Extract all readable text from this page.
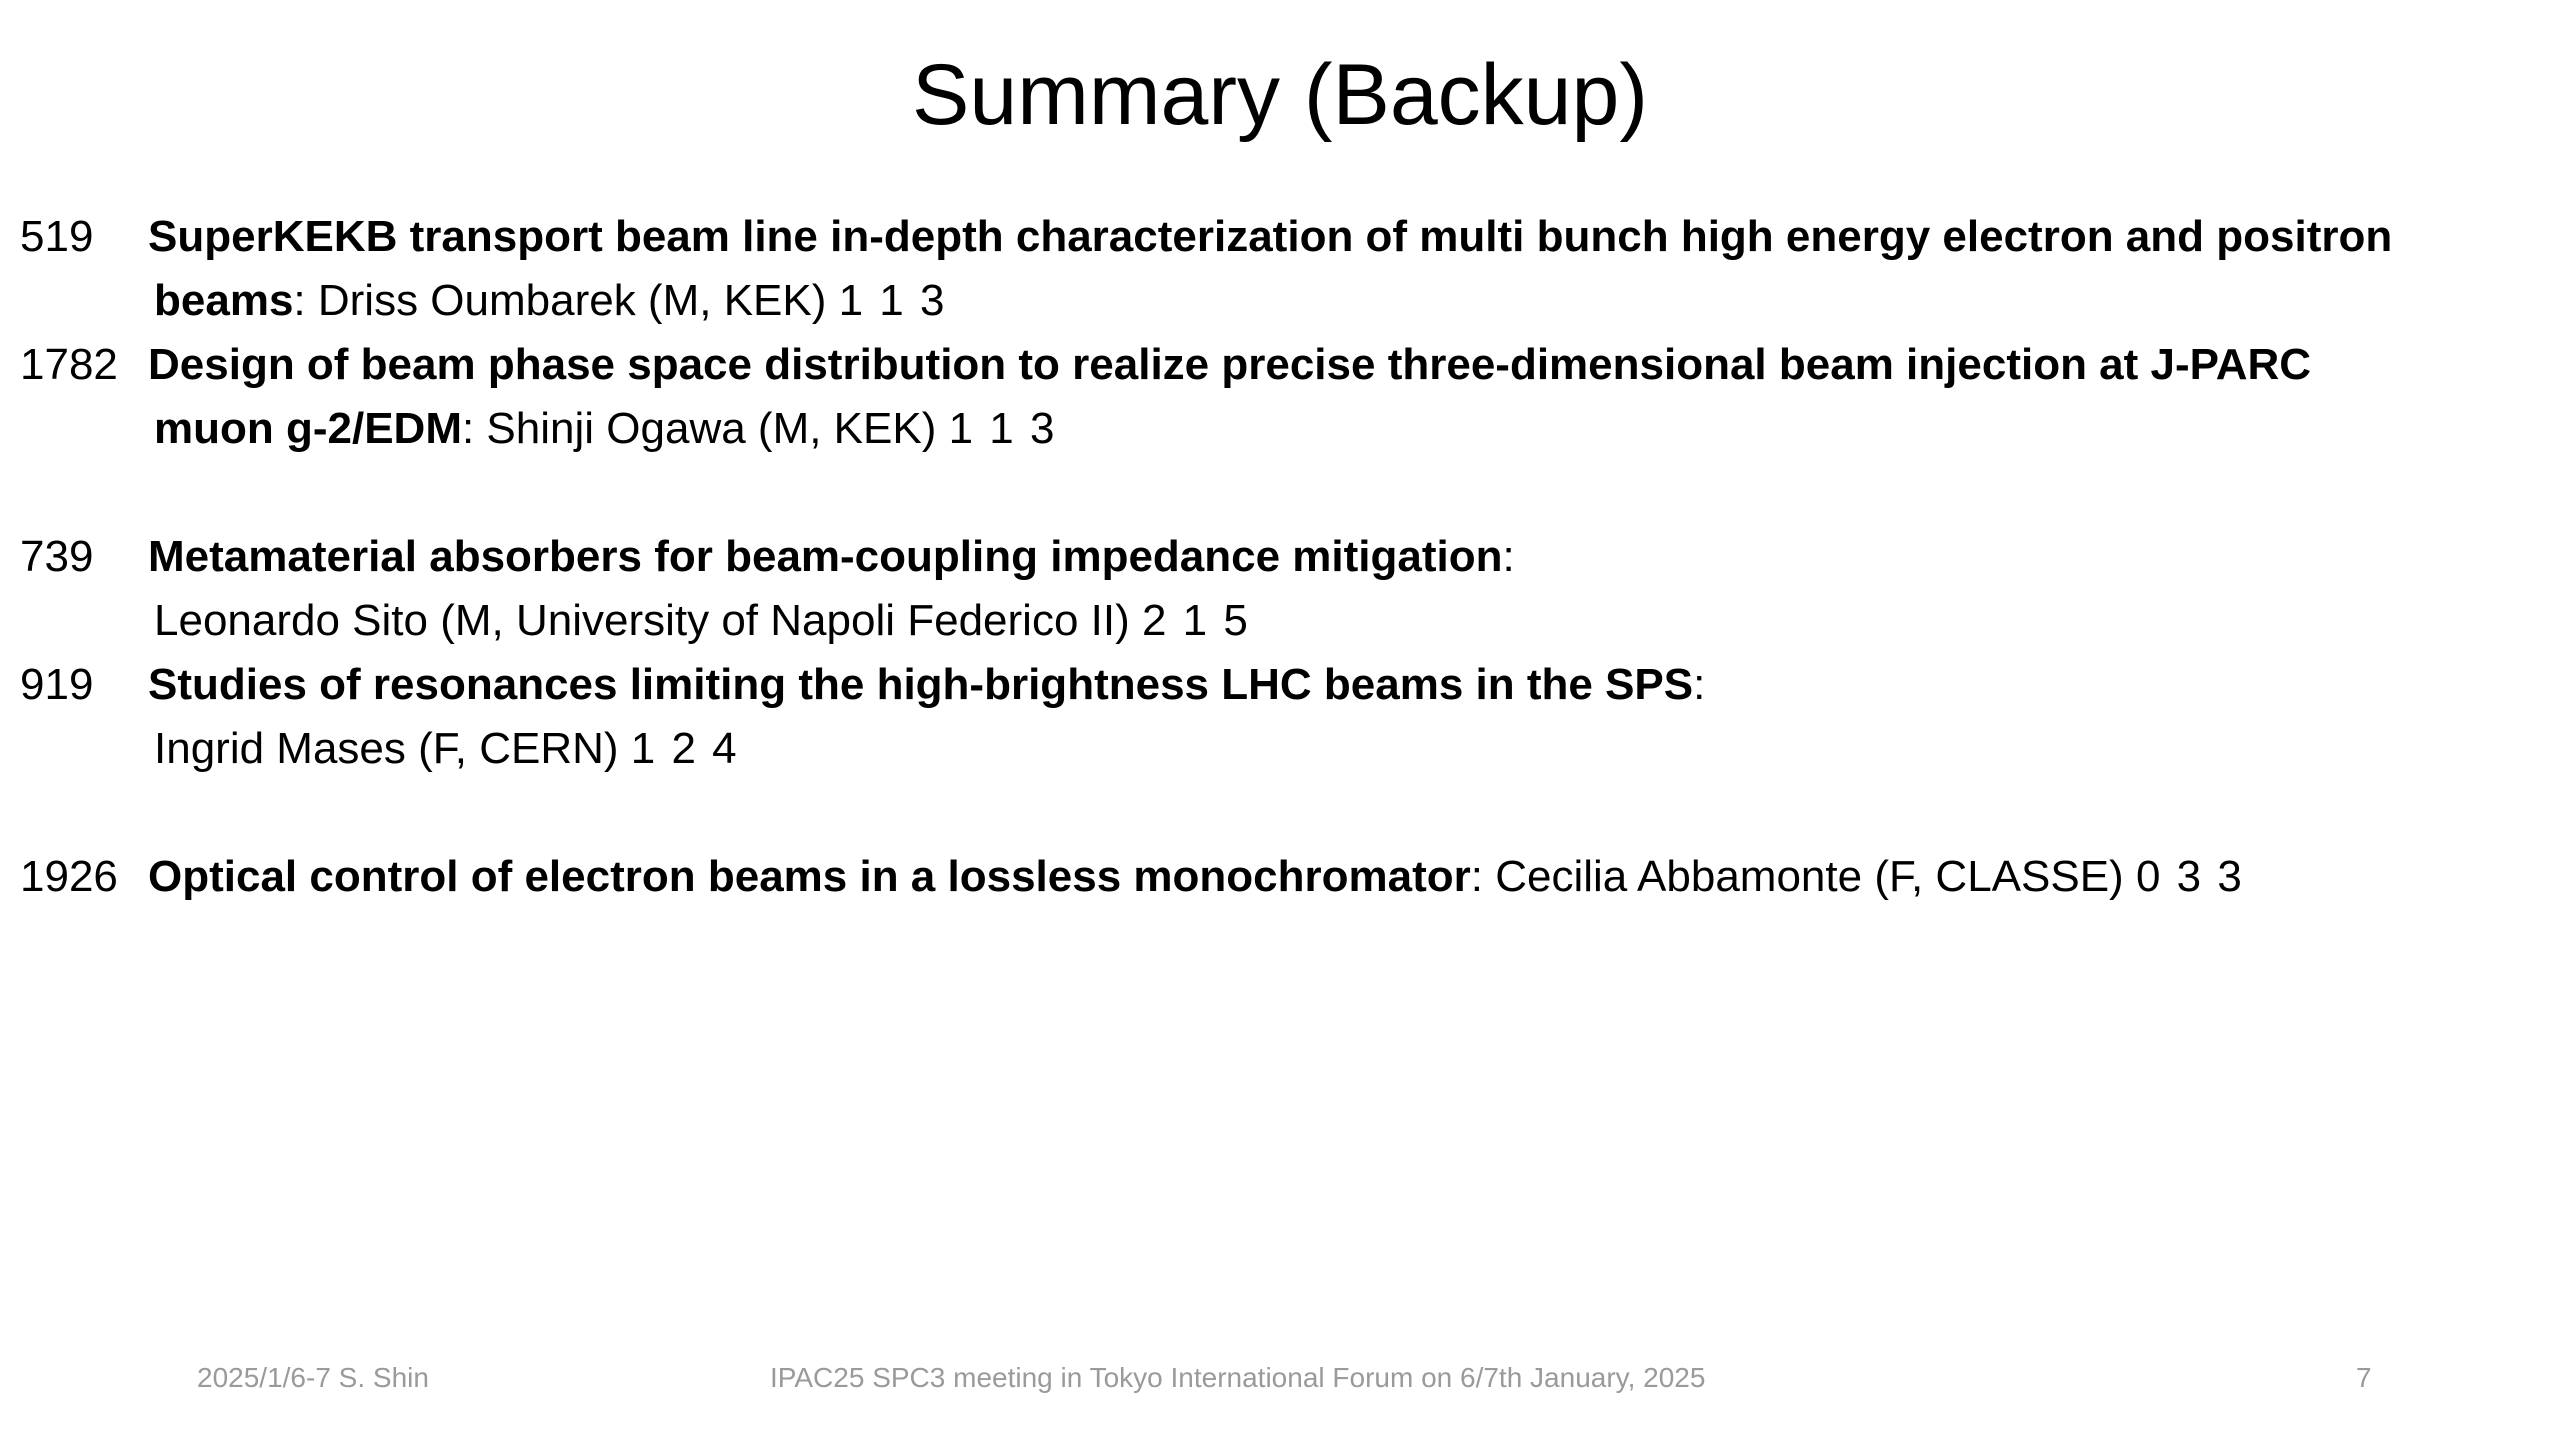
Summary (Backup)
519 SuperKEKB transport beam line in-depth characterization of multi bunch high energy electron and positron
beams: Driss Oumbarek (M, KEK) 1 1 3
1782 Design of beam phase space distribution to realize precise three-dimensional beam injection at J-PARC
muon g-2/EDM: Shinji Ogawa (M, KEK) 1 1 3
739 Metamaterial absorbers for beam-coupling impedance mitigation:
Leonardo Sito (M, University of Napoli Federico II) 2 1 5
919 Studies of resonances limiting the high-brightness LHC beams in the SPS:
Ingrid Mases (F, CERN) 1 2 4
1926 Optical control of electron beams in a lossless monochromator: Cecilia Abbamonte (F, CLASSE) 0 3 3
2025/1/6-7 S. Shin	IPAC25 SPC3 meeting in Tokyo International Forum on 6/7th January, 2025	7
